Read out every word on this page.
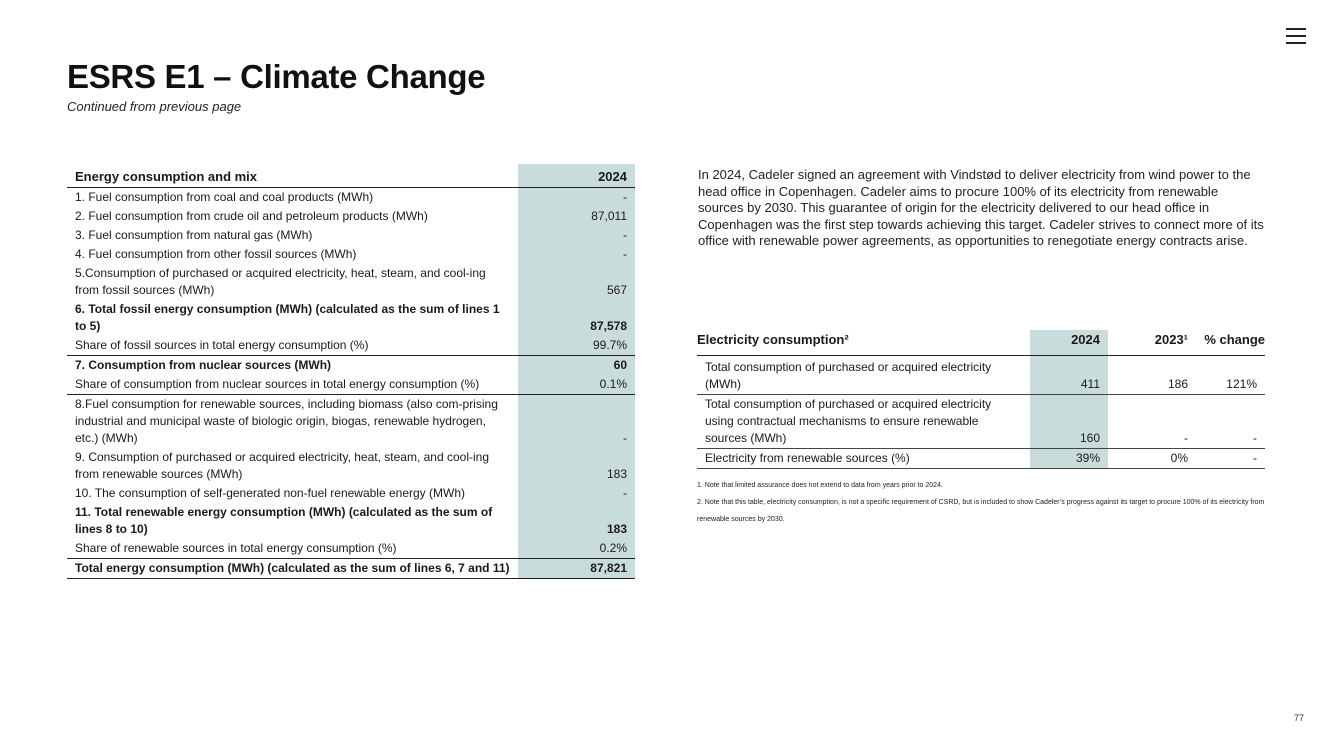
ESRS E1 – Climate Change

Continued from previous page

Energy consumption and mix	2024
1. Fuel consumption from coal and coal products (MWh)	-
2. Fuel consumption from crude oil and petroleum products (MWh)	87,011
3. Fuel consumption from natural gas (MWh)	-
4. Fuel consumption from other fossil sources (MWh)	-
5.Consumption of purchased or acquired electricity, heat, steam, and cool-ing from fossil sources (MWh)	567
6. Total fossil energy consumption (MWh) (calculated as the sum of lines 1 to 5)	87,578
Share of fossil sources in total energy consumption (%)	99.7%
7. Consumption from nuclear sources (MWh)	60
Share of consumption from nuclear sources in total energy consumption (%)	0.1%
8.Fuel consumption for renewable sources, including biomass (also com-prising industrial and municipal waste of biologic origin, biogas, renewable hydrogen, etc.) (MWh)	-
9. Consumption of purchased or acquired electricity, heat, steam, and cool-ing from renewable sources (MWh)	183
10. The consumption of self-generated non-fuel renewable energy (MWh)	-
11. Total renewable energy consumption (MWh) (calculated as the sum of lines 8 to 10)	183
Share of renewable sources in total energy consumption (%)	0.2%
Total energy consumption (MWh) (calculated as the sum of lines 6, 7 and 11)	87,821

In 2024, Cadeler signed an agreement with Vindstød to deliver electricity from wind power to the head office in Copenhagen. Cadeler aims to procure 100% of its electricity from renewable sources by 2030. This guarantee of origin for the electricity delivered to our head office in Copenhagen was the first step towards achieving this target. Cadeler strives to connect more of its office with renewable power agreements, as opportunities to renegotiate energy contracts arise.

Electricity consumption²	2024	2023¹	% change
Total consumption of purchased or acquired electricity (MWh)	411	186	121%
Total consumption of purchased or acquired electricity using contractual mechanisms to ensure renewable sources (MWh)	160	-	-
Electricity from renewable sources (%)	39%	0%	-

1. Note that limited assurance does not extend to data from years prior to 2024.

2. Note that this table, electricity consumption, is not a specific requirement of CSRD, but is included to show Cadeler’s progress against its target to procure 100% of its electricity from renewable sources by 2030.

77
